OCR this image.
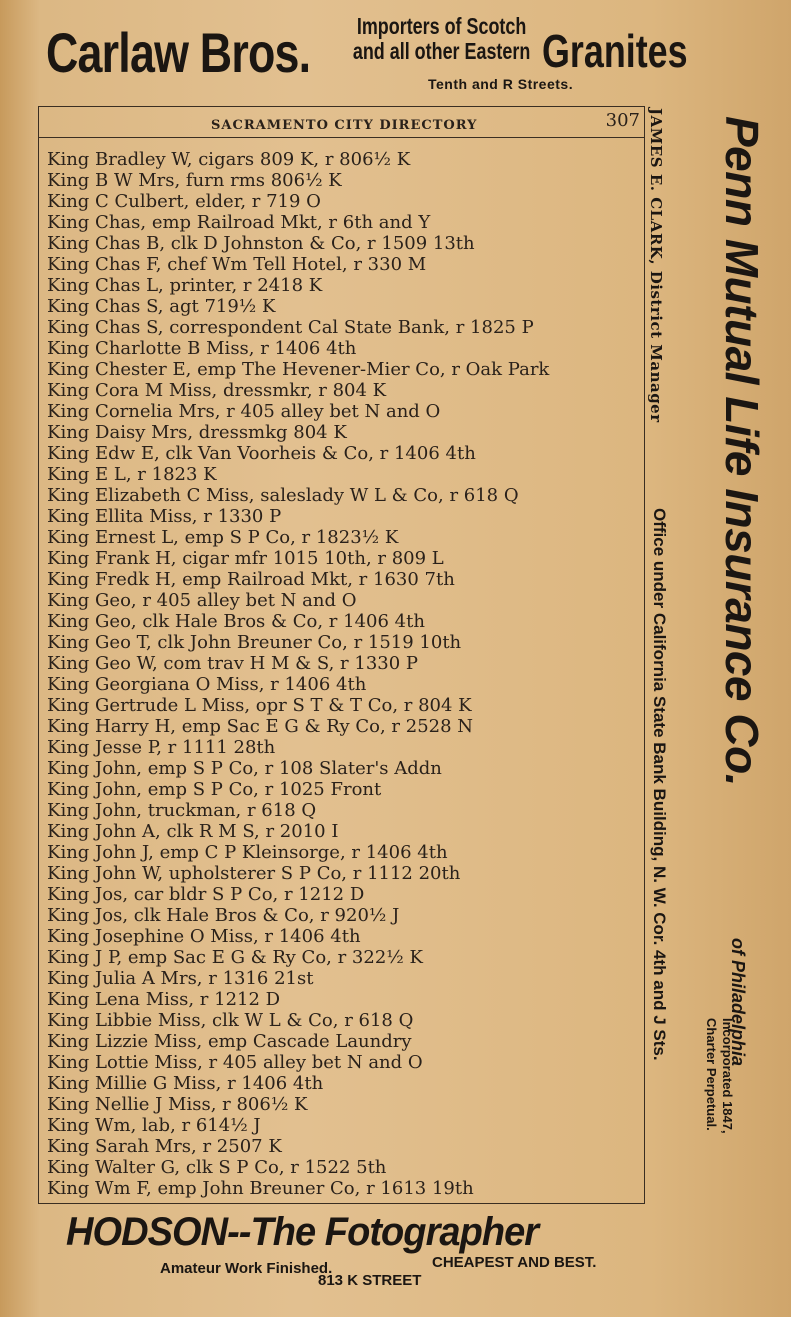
Carlaw Bros.	Importers of Scotch
and all other Eastern Granites
Tenth and R Streets.
SACRAMENTO CITY DIRECTORY	307
King Bradley W, cigars 809 K, r 806½ K
King B W Mrs, furn rms 806½ K
King C Culbert, elder, r 719 O
King Chas, emp Railroad Mkt, r 6th and Y
King Chas B, clk D Johnston & Co, r 1509 13th
King Chas F, chef Wm Tell Hotel, r 330 M
King Chas L, printer, r 2418 K
King Chas S, agt 719½ K
King Chas S, correspondent Cal State Bank, r 1825 P
King Charlotte B Miss, r 1406 4th
King Chester E, emp The Hevener-Mier Co, r Oak Park
King Cora M Miss, dressmkr, r 804 K
King Cornelia Mrs, r 405 alley bet N and O
King Daisy Mrs, dressmkg 804 K
King Edw E, clk Van Voorheis & Co, r 1406 4th
King E L, r 1823 K
King Elizabeth C Miss, saleslady W L & Co, r 618 Q
King Ellita Miss, r 1330 P
King Ernest L, emp S P Co, r 1823½ K
King Frank H, cigar mfr 1015 10th, r 809 L
King Fredk H, emp Railroad Mkt, r 1630 7th
King Geo, r 405 alley bet N and O
King Geo, clk Hale Bros & Co, r 1406 4th
King Geo T, clk John Breuner Co, r 1519 10th
King Geo W, com trav H M & S, r 1330 P
King Georgiana O Miss, r 1406 4th
King Gertrude L Miss, opr S T & T Co, r 804 K
King Harry H, emp Sac E G & Ry Co, r 2528 N
King Jesse P, r 1111 28th
King John, emp S P Co, r 108 Slater's Addn
King John, emp S P Co, r 1025 Front
King John, truckman, r 618 Q
King John A, clk R M S, r 2010 I
King John J, emp C P Kleinsorge, r 1406 4th
King John W, upholsterer S P Co, r 1112 20th
King Jos, car bldr S P Co, r 1212 D
King Jos, clk Hale Bros & Co, r 920½ J
King Josephine O Miss, r 1406 4th
King J P, emp Sac E G & Ry Co, r 322½ K
King Julia A Mrs, r 1316 21st
King Lena Miss, r 1212 D
King Libbie Miss, clk W L & Co, r 618 Q
King Lizzie Miss, emp Cascade Laundry
King Lottie Miss, r 405 alley bet N and O
King Millie G Miss, r 1406 4th
King Nellie J Miss, r 806½ K
King Wm, lab, r 614½ J
King Sarah Mrs, r 2507 K
King Walter G, clk S P Co, r 1522 5th
King Wm F, emp John Breuner Co, r 1613 19th
JAMES E. CLARK, District Manager
Office under California State Bank Building, N. W. Cor. 4th and J Sts. Penn Mutual Life Insurance Co.
of Philadelphia
Incorporated 1847,
Charter Perpetual.
HODSON--The Fotographer
Amateur Work Finished.	CHEAPEST AND BEST.
813 K STREET
